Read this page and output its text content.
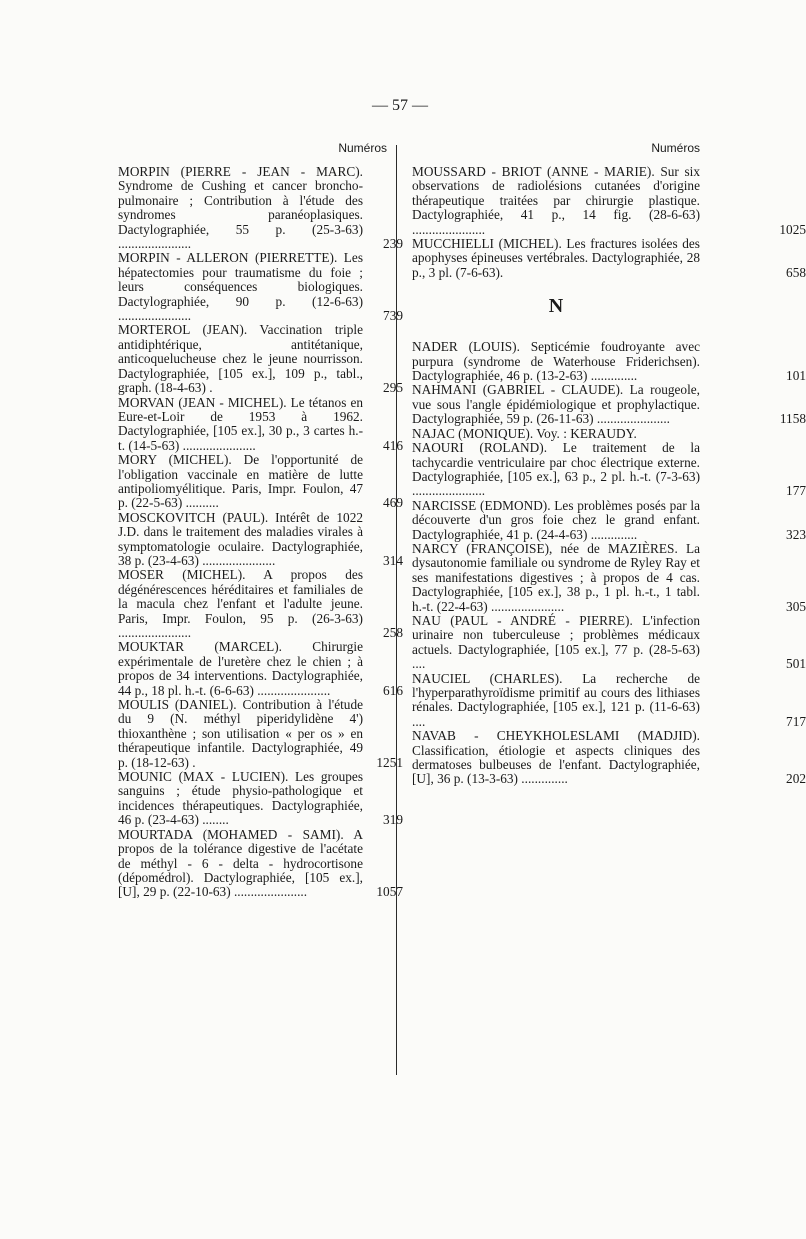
— 57 —
Numéros
MORPIN (PIERRE - JEAN - MARC). Syndrome de Cushing et cancer broncho-pulmonaire ; Contribution à l'étude des syndromes paranéoplasiques. Dactylographiée, 55 p. (25-3-63) ......................	239
MORPIN - ALLERON (PIERRETTE). Les hépatectomies pour traumatisme du foie ; leurs conséquences biologiques. Dactylographiée, 90 p. (12-6-63) ......................	739
MORTEROL (JEAN). Vaccination triple antidiphtérique, antitétanique, anticoquelucheuse chez le jeune nourrisson. Dactylographiée, [105 ex.], 109 p., tabl., graph. (18-4-63) .	295
MORVAN (JEAN - MICHEL). Le tétanos en Eure-et-Loir de 1953 à 1962. Dactylographiée, [105 ex.], 30 p., 3 cartes h.-t. (14-5-63) ......................	416
MORY (MICHEL). De l'opportunité de l'obligation vaccinale en matière de lutte antipoliomyélitique. Paris, Impr. Foulon, 47 p. (22-5-63) ..........	469
MOSCKOVITCH (PAUL). Intérêt de 1022 J.D. dans le traitement des maladies virales à symptomatologie oculaire. Dactylographiée, 38 p. (23-4-63) ......................	314
MOSER (MICHEL). A propos des dégénérescences héréditaires et familiales de la macula chez l'enfant et l'adulte jeune. Paris, Impr. Foulon, 95 p. (26-3-63) ......................	258
MOUKTAR (MARCEL). Chirurgie expérimentale de l'uretère chez le chien ; à propos de 34 interventions. Dactylographiée, 44 p., 18 pl. h.-t. (6-6-63) ......................	616
MOULIS (DANIEL). Contribution à l'étude du 9 (N. méthyl piperidylidène 4') thioxanthène ; son utilisation « per os » en thérapeutique infantile. Dactylographiée, 49 p. (18-12-63) .	1251
MOUNIC (MAX - LUCIEN). Les groupes sanguins ; étude physio-pathologique et incidences thérapeutiques. Dactylographiée, 46 p. (23-4-63) ........	319
MOURTADA (MOHAMED - SAMI). A propos de la tolérance digestive de l'acétate de méthyl - 6 - delta - hydrocortisone (dépomédrol). Dactylographiée, [105 ex.], [U], 29 p. (22-10-63) ......................	1057
Numéros
MOUSSARD - BRIOT (ANNE - MARIE). Sur six observations de radiolésions cutanées d'origine thérapeutique traitées par chirurgie plastique. Dactylographiée, 41 p., 14 fig. (28-6-63) ......................	1025
MUCCHIELLI (MICHEL). Les fractures isolées des apophyses épineuses vertébrales. Dactylographiée, 28 p., 3 pl. (7-6-63).	658
N
NADER (LOUIS). Septicémie foudroyante avec purpura (syndrome de Waterhouse Friderichsen). Dactylographiée, 46 p. (13-2-63) ..............	101
NAHMANI (GABRIEL - CLAUDE). La rougeole, vue sous l'angle épidémiologique et prophylactique. Dactylographiée, 59 p. (26-11-63) ......................	1158
NAJAC (MONIQUE). Voy. : KERAUDY.
NAOURI (ROLAND). Le traitement de la tachycardie ventriculaire par choc électrique externe. Dactylographiée, [105 ex.], 63 p., 2 pl. h.-t. (7-3-63) ......................	177
NARCISSE (EDMOND). Les problèmes posés par la découverte d'un gros foie chez le grand enfant. Dactylographiée, 41 p. (24-4-63) ..............	323
NARCY (FRANÇOISE), née de MAZIÈRES. La dysautonomie familiale ou syndrome de Ryley Ray et ses manifestations digestives ; à propos de 4 cas. Dactylographiée, [105 ex.], 38 p., 1 pl. h.-t., 1 tabl. h.-t. (22-4-63) ......................	305
NAU (PAUL - ANDRÉ - PIERRE). L'infection urinaire non tuberculeuse ; problèmes médicaux actuels. Dactylographiée, [105 ex.], 77 p. (28-5-63) ....	501
NAUCIEL (CHARLES). La recherche de l'hyperparathyroïdisme primitif au cours des lithiases rénales. Dactylographiée, [105 ex.], 121 p. (11-6-63) ....	717
NAVAB - CHEYKHOLESLAMI (MADJID). Classification, étiologie et aspects cliniques des dermatoses bulbeuses de l'enfant. Dactylographiée, [U], 36 p. (13-3-63) ..............	202
